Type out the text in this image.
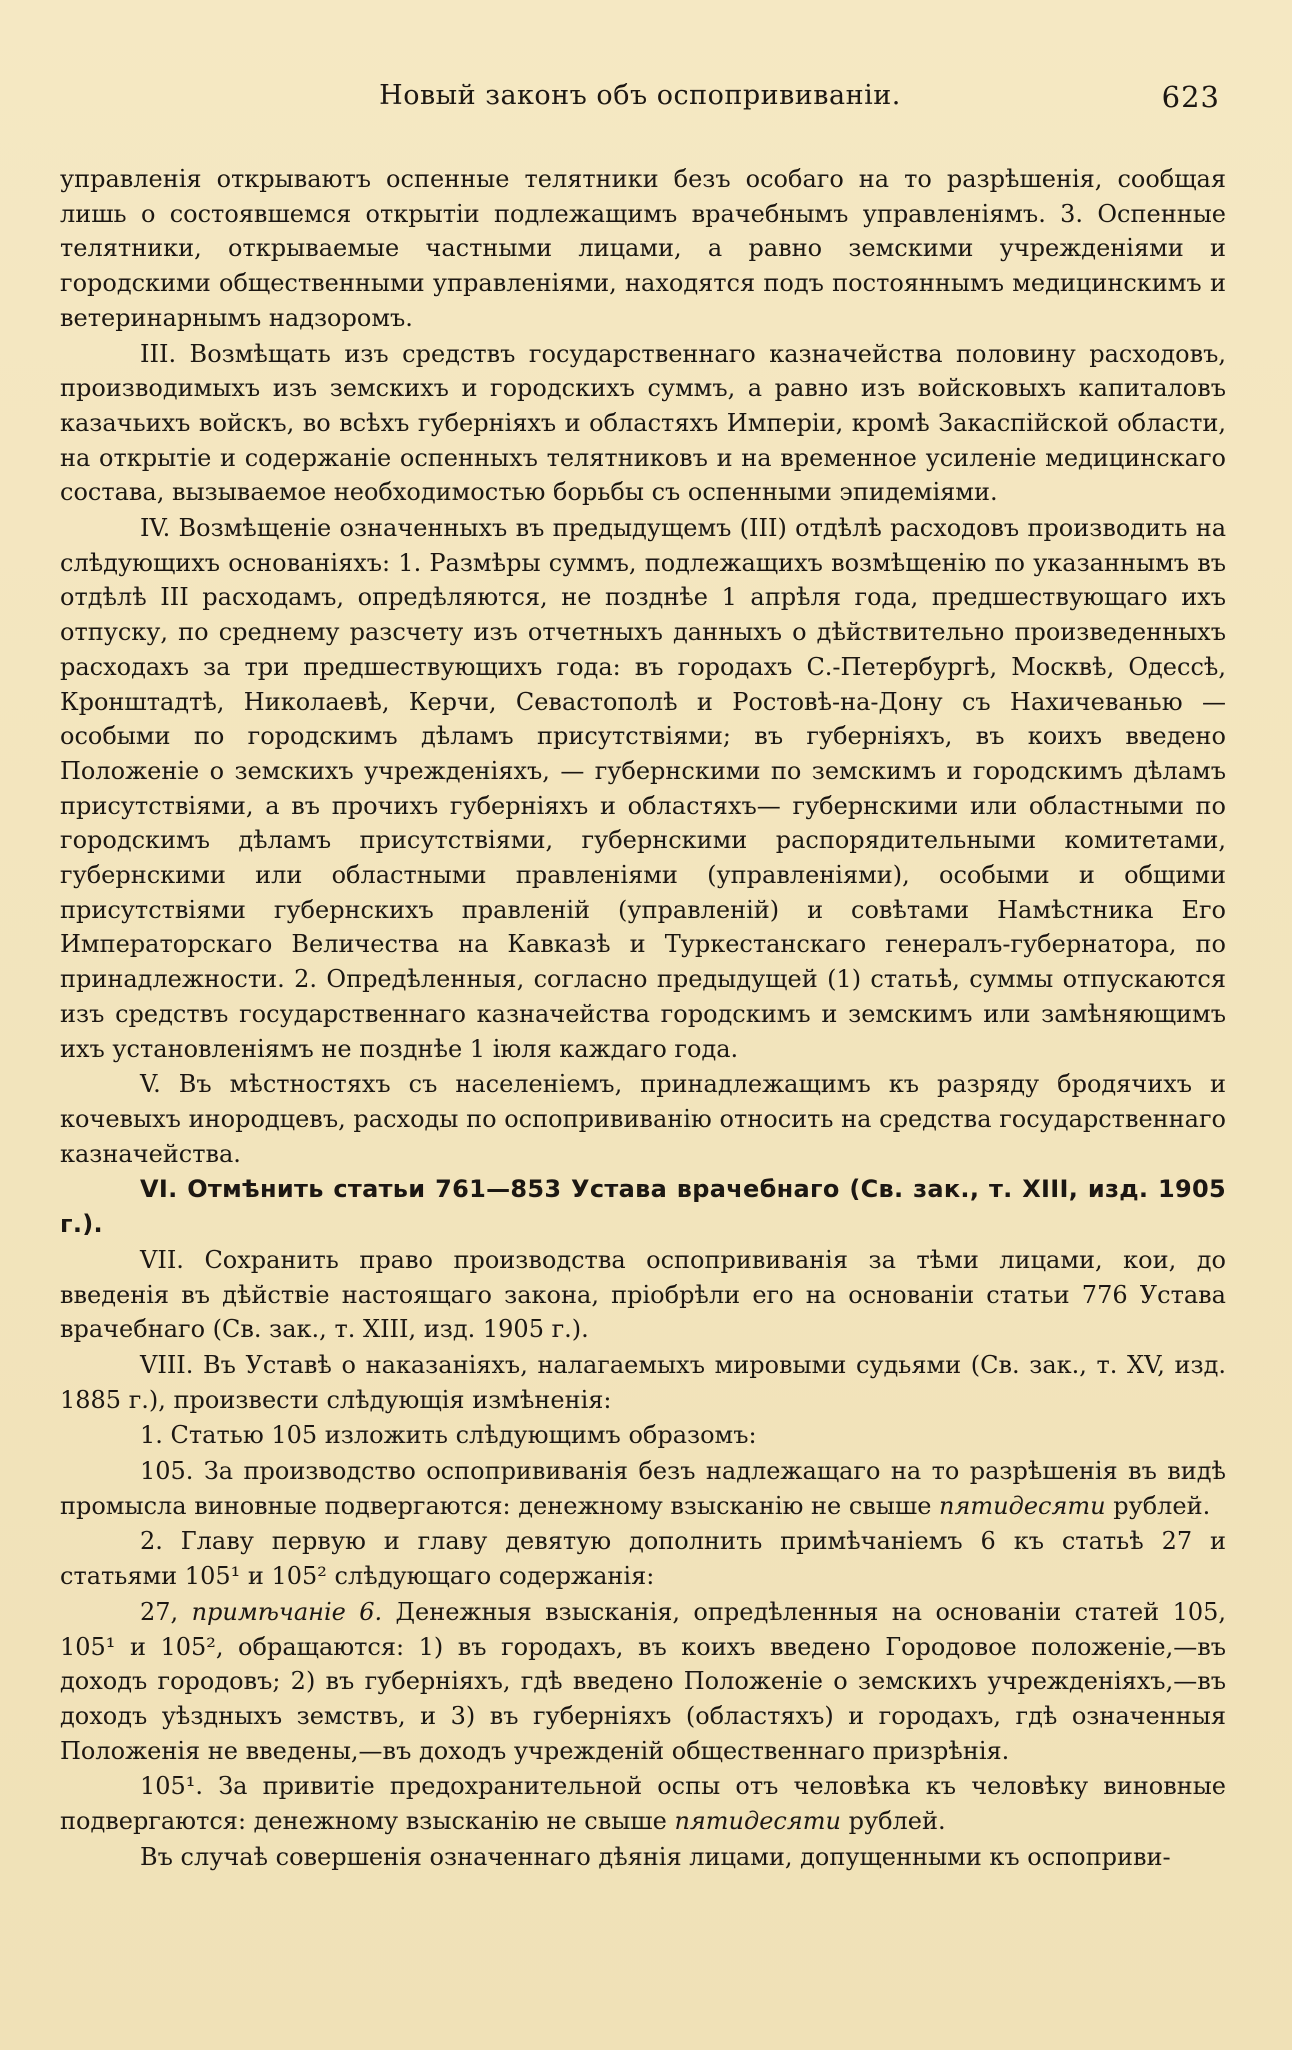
Новый законъ объ оспопрививаніи.	623

управленія открываютъ оспенные телятники безъ особаго на то разрѣшенія, сообщая лишь о состоявшемся открытіи подлежащимъ врачебнымъ управленіямъ. 3. Оспенные телятники, открываемые частными лицами, а равно земскими учрежденіями и городскими общественными управленіями, находятся подъ постояннымъ медицинскимъ и ветеринарнымъ надзоромъ.

III. Возмѣщать изъ средствъ государственнаго казначейства половину расходовъ, производимыхъ изъ земскихъ и городскихъ суммъ, а равно изъ войсковыхъ капиталовъ казачьихъ войскъ, во всѣхъ губерніяхъ и областяхъ Имперіи, кромѣ Закаспійской области, на открытіе и содержаніе оспенныхъ телятниковъ и на временное усиленіе медицинскаго состава, вызываемое необходимостью борьбы съ оспенными эпидеміями.

IV. Возмѣщеніе означенныхъ въ предыдущемъ (III) отдѣлѣ расходовъ производить на слѣдующихъ основаніяхъ: 1. Размѣры суммъ, подлежащихъ возмѣщенію по указаннымъ въ отдѣлѣ III расходамъ, опредѣляются, не позднѣе 1 апрѣля года, предшествующаго ихъ отпуску, по среднему разсчету изъ отчетныхъ данныхъ о дѣйствительно произведенныхъ расходахъ за три предшествующихъ года: въ городахъ С.-Петербургѣ, Москвѣ, Одессѣ, Кронштадтѣ, Николаевѣ, Керчи, Севастополѣ и Ростовѣ-на-Дону съ Нахичеванью — особыми по городскимъ дѣламъ присутствіями; въ губерніяхъ, въ коихъ введено Положеніе о земскихъ учрежденіяхъ, — губернскими по земскимъ и городскимъ дѣламъ присутствіями, а въ прочихъ губерніяхъ и областяхъ— губернскими или областными по городскимъ дѣламъ присутствіями, губернскими распорядительными комитетами, губернскими или областными правленіями (управленіями), особыми и общими присутствіями губернскихъ правленій (управленій) и совѣтами Намѣстника Его Императорскаго Величества на Кавказѣ и Туркестанскаго генералъ-губернатора, по принадлежности. 2. Опредѣленныя, согласно предыдущей (1) статьѣ, суммы отпускаются изъ средствъ государственнаго казначейства городскимъ и земскимъ или замѣняющимъ ихъ установленіямъ не позднѣе 1 іюля каждаго года.

V. Въ мѣстностяхъ съ населеніемъ, принадлежащимъ къ разряду бродячихъ и кочевыхъ инородцевъ, расходы по оспопрививанію относить на средства государственнаго казначейства.

VI. Отмѣнить статьи 761—853 Устава врачебнаго (Св. зак., т. XIII, изд. 1905 г.).

VII. Сохранить право производства оспопрививанія за тѣми лицами, кои, до введенія въ дѣйствіе настоящаго закона, пріобрѣли его на основаніи статьи 776 Устава врачебнаго (Св. зак., т. XIII, изд. 1905 г.).

VIII. Въ Уставѣ о наказаніяхъ, налагаемыхъ мировыми судьями (Св. зак., т. XV, изд. 1885 г.), произвести слѣдующія измѣненія:

1. Статью 105 изложить слѣдующимъ образомъ:

105. За производство оспопрививанія безъ надлежащаго на то разрѣшенія въ видѣ промысла виновные подвергаются: денежному взысканію не свыше пятидесяти рублей.

2. Главу первую и главу девятую дополнить примѣчаніемъ 6 къ статьѣ 27 и статьями 105¹ и 105² слѣдующаго содержанія:

27, примѣчаніе 6. Денежныя взысканія, опредѣленныя на основаніи статей 105, 105¹ и 105², обращаются: 1) въ городахъ, въ коихъ введено Городовое положеніе,—въ доходъ городовъ; 2) въ губерніяхъ, гдѣ введено Положеніе о земскихъ учрежденіяхъ,—въ доходъ уѣздныхъ земствъ, и 3) въ губерніяхъ (областяхъ) и городахъ, гдѣ означенныя Положенія не введены,—въ доходъ учрежденій общественнаго призрѣнія.

105¹. За привитіе предохранительной оспы отъ человѣка къ человѣку виновные подвергаются: денежному взысканію не свыше пятидесяти рублей.

Въ случаѣ совершенія означеннаго дѣянія лицами, допущенными къ оспоприви-
